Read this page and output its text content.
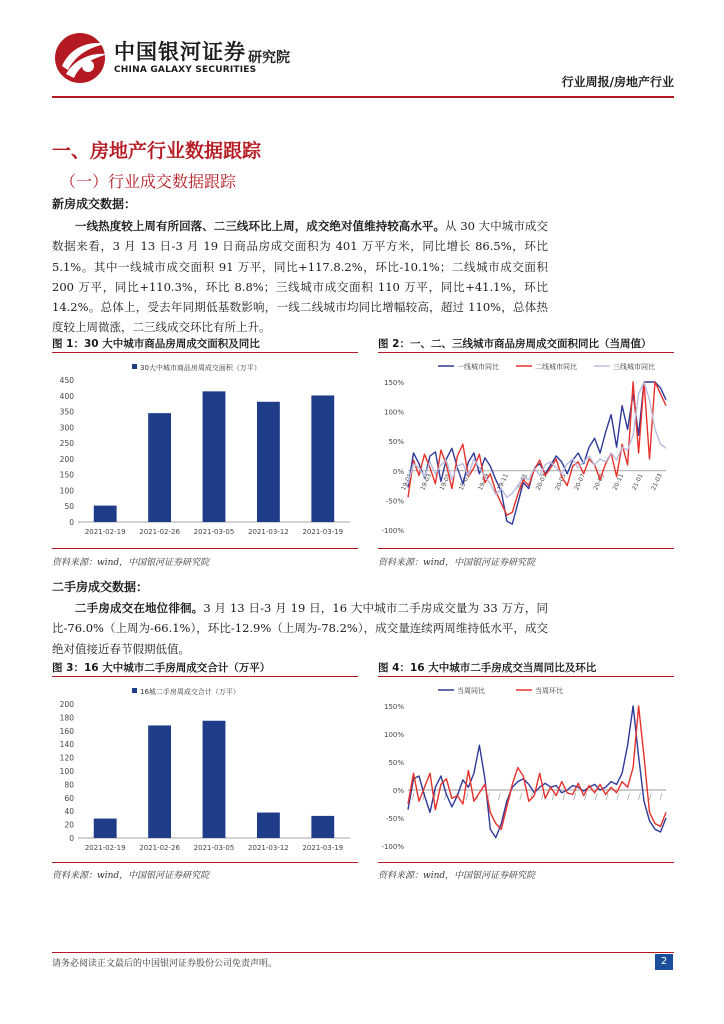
中国银河证券
CHINA GALAXY SECURITIES
研究院
行业周报/房地产行业
一、房地产行业数据跟踪
（一）行业成交数据跟踪
新房成交数据：
一线热度较上周有所回落、二三线环比上周，成交绝对值维持较高水平。从 30 大中城市成交数据来看，3 月 13 日-3 月 19 日商品房成交面积为 401 万平方米，同比增长 86.5%，环比 5.1%。其中一线城市成交面积 91 万平，同比+117.8.2%，环比-10.1%；二线城市成交面积 200 万平，同比+110.3%，环比 8.8%；三线城市成交面积 110 万平，同比+41.1%，环比 14.2%。总体上，受去年同期低基数影响，一线二线城市均同比增幅较高，超过 110%，总体热度较上周微涨，二三线成交环比有所上升。
图 1：30 大中城市商品房周成交面积及同比
30大中城市商品房周成交面积（万平）
0
50
100
150
200
250
300
350
400
450
2021-02-19 2021-02-26 2021-03-05 2021-03-12 2021-03-19
资料来源：wind，中国银河证券研究院
图 2：一、二、三线城市商品房周成交面积同比（当周值）
一线城市同比	二线城市同比	三线城市同比
-100%
-50%
0%
50%
100%
150%
19-01 19-03 19-05 19-07 19-09 19-11 20-01 20-03 20-05 20-07 20-09 20-11 21-01 21-03
资料来源：wind，中国银河证券研究院
二手房成交数据：
二手房成交在地位徘徊。3 月 13 日-3 月 19 日，16 大中城市二手房成交量为 33 万方，同比-76.0%（上周为-66.1%），环比-12.9%（上周为-78.2%），成交量连续两周维持低水平，成交绝对值接近春节假期低值。
图 3：16 大中城市二手房周成交合计（万平）
16城二手房周成交合计（万平）
0
20
40
60
80
100
120
140
160
180
200
2021-02-19 2021-02-26 2021-03-05 2021-03-12 2021-03-19
资料来源：wind，中国银河证券研究院
图 4：16 大中城市二手房成交当周同比及环比
当周同比	当周环比
-100%
-50%
0%
50%
100%
150%
资料来源：wind，中国银河证券研究院
请务必阅读正文最后的中国银河证券股份公司免责声明。	2
